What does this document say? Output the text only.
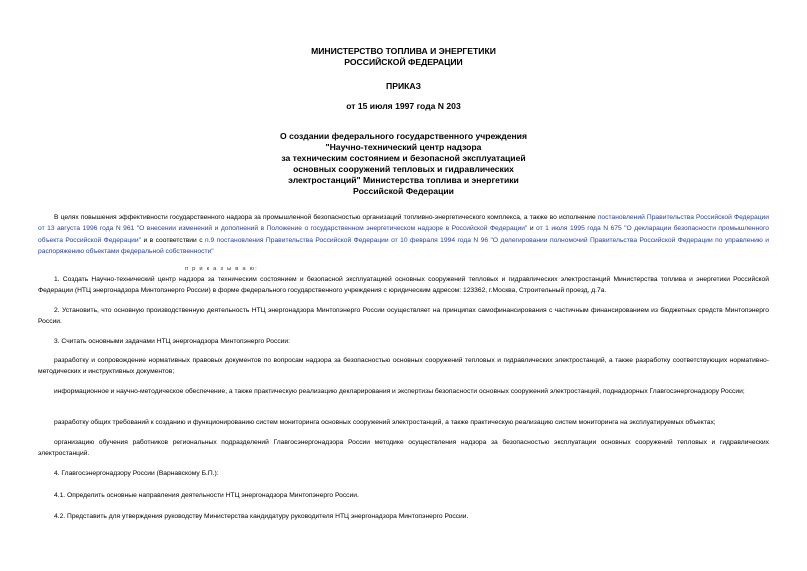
МИНИСТЕРСТВО ТОПЛИВА И ЭНЕРГЕТИКИ
РОССИЙСКОЙ ФЕДЕРАЦИИ
ПРИКАЗ
от 15 июля 1997 года N 203
О создании федерального государственного учреждения
"Научно-технический центр надзора
за техническим состоянием и безопасной эксплуатацией
основных сооружений тепловых и гидравлических
электростанций" Министерства топлива и энергетики
Российской Федерации

В целях повышения эффективности государственного надзора за промышленной безопасностью организаций топливно-энергетического комплекса, а также во исполнение постановлений Правительства Российской Федерации от 13 августа 1996 года N 961 "О внесении изменений и дополнений в Положение о государственном энергетическом надзоре в Российской Федерации" и от 1 июля 1995 года N 675 "О декларации безопасности промышленного объекта Российской Федерации" и в соответствии с п.9 постановления Правительства Российской Федерации от 10 февраля 1994 года N 96 "О делегировании полномочий Правительства Российской Федерации по управлению и распоряжению объектами федеральной собственности"

п р и к а з ы в а ю:

1. Создать Научно-технический центр надзора за техническим состоянием и безопасной эксплуатацией основных сооружений тепловых и гидравлических электростанций Министерства топлива и энергетики Российской Федерации (НТЦ энергонадзора Минтопэнерго России) в форме федерального государственного учреждения с юридическим адресом: 123362, г.Москва, Строительный проезд, д.7а.

2. Установить, что основную производственную деятельность НТЦ энергонадзора Минтопэнерго России осуществляет на принципах самофинансирования с частичным финансированием из бюджетных средств Минтопэнерго России.

3. Считать основными задачами НТЦ энергонадзора Минтопэнерго России:

разработку и сопровождение нормативных правовых документов по вопросам надзора за безопасностью основных сооружений тепловых и гидравлических электростанций, а также разработку соответствующих нормативно-методических и инструктивных документов;

информационное и научно-методическое обеспечение, а также практическую реализацию декларирования и экспертизы безопасности основных сооружений электростанций, поднадзорных Главгосэнергонадзору России;

разработку общих требований к созданию и функционированию систем мониторинга основных сооружений электростанций, а также практическую реализацию систем мониторинга на эксплуатируемых объектах;

организацию обучения работников региональных подразделений Главгосэнергонадзора России методике осуществления надзора за безопасностью эксплуатации основных сооружений тепловых и гидравлических электростанций.

4. Главгосэнергонадзору России (Варнавскому Б.П.):

4.1. Определить основные направления деятельности НТЦ энергонадзора Минтопэнерго России.

4.2. Представить для утверждения руководству Министерства кандидатуру руководителя НТЦ энергонадзора Минтопэнерго России.
